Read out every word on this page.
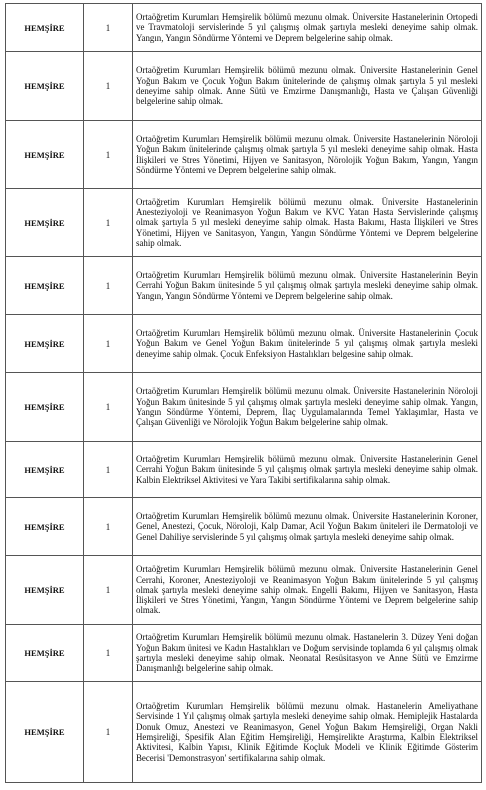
HEMŞİRE	1	Ortaöğretim Kurumları Hemşirelik bölümü mezunu olmak. Üniversite Hastanelerinin Ortopedi ve Travmatoloji servislerinde 5 yıl çalışmış olmak şartıyla mesleki deneyime sahip olmak. Yangın, Yangın Söndürme Yöntemi ve Deprem belgelerine sahip olmak.
HEMŞİRE	1	Ortaöğretim Kurumları Hemşirelik bölümü mezunu olmak. Üniversite Hastanelerinin Genel Yoğun Bakım ve Çocuk Yoğun Bakım ünitelerinde de çalışmış olmak şartıyla 5 yıl mesleki deneyime sahip olmak. Anne Sütü ve Emzirme Danışmanlığı, Hasta ve Çalışan Güvenliği belgelerine sahip olmak.
HEMŞİRE	1	Ortaöğretim Kurumları Hemşirelik bölümü mezunu olmak. Üniversite Hastanelerinin Nöroloji Yoğun Bakım ünitelerinde çalışmış olmak şartıyla 5 yıl mesleki deneyime sahip olmak. Hasta İlişkileri ve Stres Yönetimi, Hijyen ve Sanitasyon, Nörolojik Yoğun Bakım, Yangın, Yangın Söndürme Yöntemi ve Deprem belgelerine sahip olmak.
HEMŞİRE	1	Ortaöğretim Kurumları Hemşirelik bölümü mezunu olmak. Üniversite Hastanelerinin Anesteziyoloji ve Reanimasyon Yoğun Bakım ve KVC Yatan Hasta Servislerinde çalışmış olmak şartıyla 5 yıl mesleki deneyime sahip olmak. Hasta Bakımı, Hasta İlişkileri ve Stres Yönetimi, Hijyen ve Sanitasyon, Yangın, Yangın Söndürme Yöntemi ve Deprem belgelerine sahip olmak.
HEMŞİRE	1	Ortaöğretim Kurumları Hemşirelik bölümü mezunu olmak. Üniversite Hastanelerinin Beyin Cerrahi Yoğun Bakım ünitesinde 5 yıl çalışmış olmak şartıyla mesleki deneyime sahip olmak. Yangın, Yangın Söndürme Yöntemi ve Deprem belgelerine sahip olmak.
HEMŞİRE	1	Ortaöğretim Kurumları Hemşirelik bölümü mezunu olmak. Üniversite Hastanelerinin Çocuk Yoğun Bakım ve Genel Yoğun Bakım ünitelerinde 5 yıl çalışmış olmak şartıyla mesleki deneyime sahip olmak. Çocuk Enfeksiyon Hastalıkları belgesine sahip olmak.
HEMŞİRE	1	Ortaöğretim Kurumları Hemşirelik bölümü mezunu olmak. Üniversite Hastanelerinin Nöroloji Yoğun Bakım ünitesinde 5 yıl çalışmış olmak şartıyla mesleki deneyime sahip olmak. Yangın, Yangın Söndürme Yöntemi, Deprem, İlaç Uygulamalarında Temel Yaklaşımlar, Hasta ve Çalışan Güvenliği ve Nörolojik Yoğun Bakım belgelerine sahip olmak.
HEMŞİRE	1	Ortaöğretim Kurumları Hemşirelik bölümü mezunu olmak. Üniversite Hastanelerinin Genel Cerrahi Yoğun Bakım ünitesinde 5 yıl çalışmış olmak şartıyla mesleki deneyime sahip olmak. Kalbin Elektriksel Aktivitesi ve Yara Takibi sertifikalarına sahip olmak.
HEMŞİRE	1	Ortaöğretim Kurumları Hemşirelik bölümü mezunu olmak. Üniversite Hastanelerinin Koroner, Genel, Anestezi, Çocuk, Nöroloji, Kalp Damar, Acil Yoğun Bakım üniteleri ile Dermatoloji ve Genel Dahiliye servislerinde 5 yıl çalışmış olmak şartıyla mesleki deneyime sahip olmak.
HEMŞİRE	1	Ortaöğretim Kurumları Hemşirelik bölümü mezunu olmak. Üniversite Hastanelerinin Genel Cerrahi, Koroner, Anesteziyoloji ve Reanimasyon Yoğun Bakım ünitelerinde 5 yıl çalışmış olmak şartıyla mesleki deneyime sahip olmak. Engelli Bakımı, Hijyen ve Sanitasyon, Hasta İlişkileri ve Stres Yönetimi, Yangın, Yangın Söndürme Yöntemi ve Deprem belgelerine sahip olmak.
HEMŞİRE	1	Ortaöğretim Kurumları Hemşirelik bölümü mezunu olmak. Hastanelerin 3. Düzey Yeni doğan Yoğun Bakım ünitesi ve Kadın Hastalıkları ve Doğum servisinde toplamda 6 yıl çalışmış olmak şartıyla mesleki deneyime sahip olmak. Neonatal Resüsitasyon ve Anne Sütü ve Emzirme Danışmanlığı belgelerine sahip olmak.
HEMŞİRE	1	Ortaöğretim Kurumları Hemşirelik bölümü mezunu olmak. Hastanelerin Ameliyathane Servisinde 1 Yıl çalışmış olmak şartıyla mesleki deneyime sahip olmak. Hemiplejik Hastalarda Donuk Omuz, Anestezi ve Reanimasyon, Genel Yoğun Bakım Hemşireliği, Organ Nakli Hemşireliği, Spesifik Alan Eğitim Hemşireliği, Hemşirelikte Araştırma, Kalbin Elektriksel Aktivitesi, Kalbin Yapısı, Klinik Eğitimde Koçluk Modeli ve Klinik Eğitimde Gösterim Becerisi 'Demonstrasyon' sertifikalarına sahip olmak.
